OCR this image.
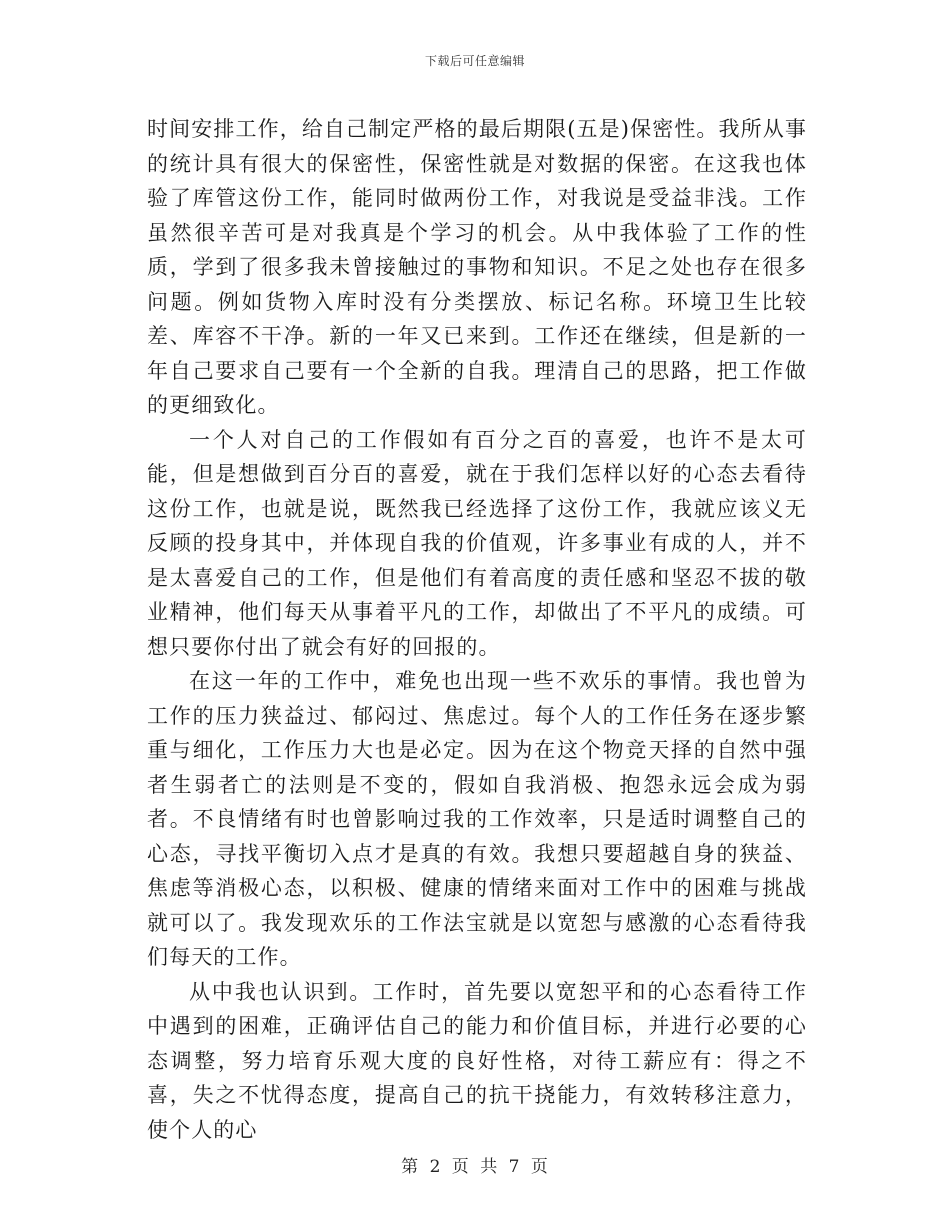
下载后可任意编辑

时间安排工作，给自己制定严格的最后期限(五是)保密性。我所从事的统计具有很大的保密性，保密性就是对数据的保密。在这我也体验了库管这份工作，能同时做两份工作，对我说是受益非浅。工作虽然很辛苦可是对我真是个学习的机会。从中我体验了工作的性质，学到了很多我未曾接触过的事物和知识。不足之处也存在很多问题。例如货物入库时没有分类摆放、标记名称。环境卫生比较差、库容不干净。新的一年又已来到。工作还在继续，但是新的一年自己要求自己要有一个全新的自我。理清自己的思路，把工作做的更细致化。

一个人对自己的工作假如有百分之百的喜爱，也许不是太可能，但是想做到百分百的喜爱，就在于我们怎样以好的心态去看待这份工作，也就是说，既然我已经选择了这份工作，我就应该义无反顾的投身其中，并体现自我的价值观，许多事业有成的人，并不是太喜爱自己的工作，但是他们有着高度的责任感和坚忍不拔的敬业精神，他们每天从事着平凡的工作，却做出了不平凡的成绩。可想只要你付出了就会有好的回报的。

在这一年的工作中，难免也出现一些不欢乐的事情。我也曾为工作的压力狭益过、郁闷过、焦虑过。每个人的工作任务在逐步繁重与细化，工作压力大也是必定。因为在这个物竞天择的自然中强者生弱者亡的法则是不变的，假如自我消极、抱怨永远会成为弱者。不良情绪有时也曾影响过我的工作效率，只是适时调整自己的心态，寻找平衡切入点才是真的有效。我想只要超越自身的狭益、焦虑等消极心态，以积极、健康的情绪来面对工作中的困难与挑战就可以了。我发现欢乐的工作法宝就是以宽恕与感激的心态看待我们每天的工作。

从中我也认识到。工作时，首先要以宽恕平和的心态看待工作中遇到的困难，正确评估自己的能力和价值目标，并进行必要的心态调整，努力培育乐观大度的良好性格，对待工薪应有：得之不喜，失之不忧得态度，提高自己的抗干挠能力，有效转移注意力，使个人的心

第 2 页 共 7 页
